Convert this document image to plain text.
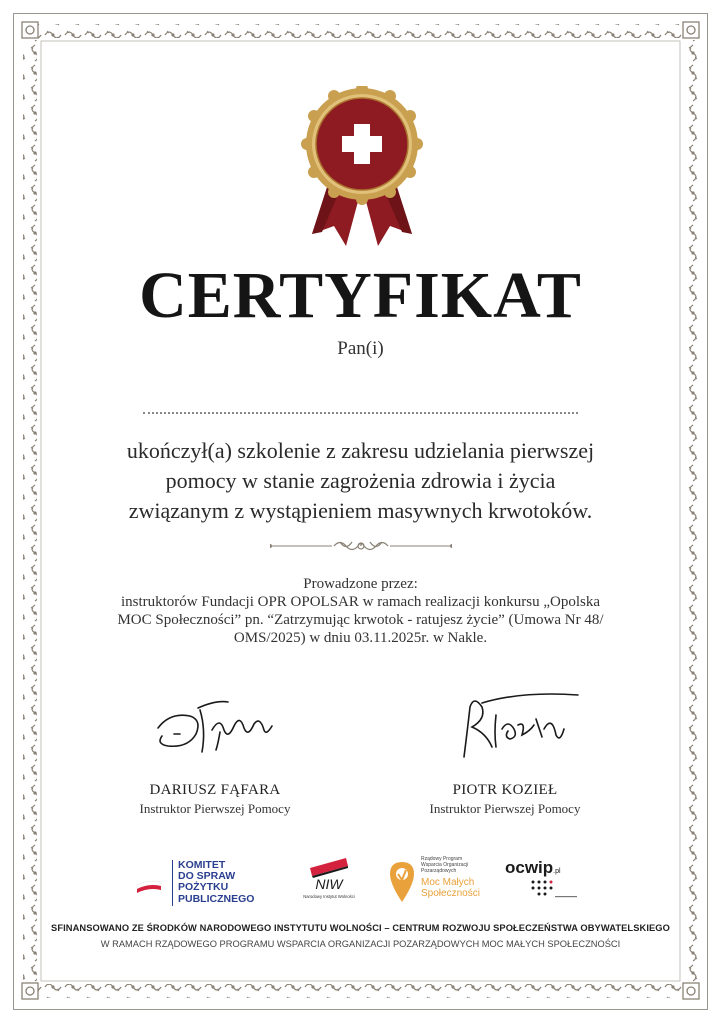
CERTYFIKAT
Pan(i)
ukończył(a) szkolenie z zakresu udzielania pierwszej
pomocy w stanie zagrożenia zdrowia i życia
związanym z wystąpieniem masywnych krwotoków.
Prowadzone przez:
instruktorów Fundacji OPR OPOLSAR w ramach realizacji konkursu „Opolska
MOC Społeczności” pn. “Zatrzymując krwotok - ratujesz życie” (Umowa Nr 48/
OMS/2025) w dniu 03.11.2025r. w Nakle.
DARIUSZ FĄFARA
Instruktor Pierwszej Pomocy
PIOTR KOZIEŁ
Instruktor Pierwszej Pomocy
KOMITET
DO SPRAW
POŻYTKU
PUBLICZNEGO
NIW
Narodowy Instytut Wolności
Rządowy Program
Wsparcia Organizacji
Pozarządowych
Moc Małych
Społeczności
ocwip.pl
SFINANSOWANO ZE ŚRODKÓW NARODOWEGO INSTYTUTU WOLNOŚCI – CENTRUM ROZWOJU SPOŁECZEŃSTWA OBYWATELSKIEGO
W RAMACH RZĄDOWEGO PROGRAMU WSPARCIA ORGANIZACJI POZARZĄDOWYCH MOC MAŁYCH SPOŁECZNOŚCI
